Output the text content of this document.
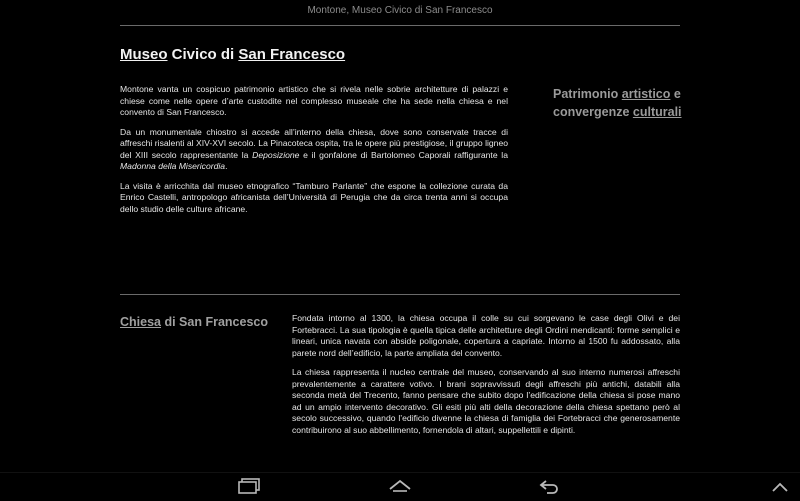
Montone, Museo Civico di San Francesco
Museo Civico di San Francesco

Montone vanta un cospicuo patrimonio artistico che si rivela nelle sobrie architetture di palazzi e chiese come nelle opere d’arte custodite nel complesso museale che ha sede nella chiesa e nel convento di San Francesco.

Da un monumentale chiostro si accede all’interno della chiesa, dove sono conservate tracce di affreschi risalenti al XIV-XVI secolo. La Pinacoteca ospita, tra le opere più prestigiose, il gruppo ligneo del XIII secolo rappresentante la Deposizione e il gonfalone di Bartolomeo Caporali raffigurante la Madonna della Misericordia.

La visita è arricchita dal museo etnografico “Tamburo Parlante” che espone la collezione curata da Enrico Castelli, antropologo africanista dell’Università di Perugia che da circa trenta anni si occupa dello studio delle culture africane.

Patrimonio artistico e convergenze culturali
Chiesa di San Francesco	Fondata intorno al 1300, la chiesa occupa il colle su cui sorgevano le case degli Olivi e dei Fortebracci. La sua tipologia è quella tipica delle architetture degli Ordini mendicanti: forme semplici e lineari, unica navata con abside poligonale, copertura a capriate. Intorno al 1500 fu addossato, alla parete nord dell’edificio, la parte ampliata del convento.

La chiesa rappresenta il nucleo centrale del museo, conservando al suo interno numerosi affreschi prevalentemente a carattere votivo. I brani sopravvissuti degli affreschi più antichi, databili alla seconda metà del Trecento, fanno pensare che subito dopo l’edificazione della chiesa si pose mano ad un ampio intervento decorativo. Gli esiti più alti della decorazione della chiesa spettano però al secolo successivo, quando l’edificio divenne la chiesa di famiglia dei Fortebracci che generosamente contribuirono al suo abbellimento, fornendola di altari, suppellettili e dipinti.
